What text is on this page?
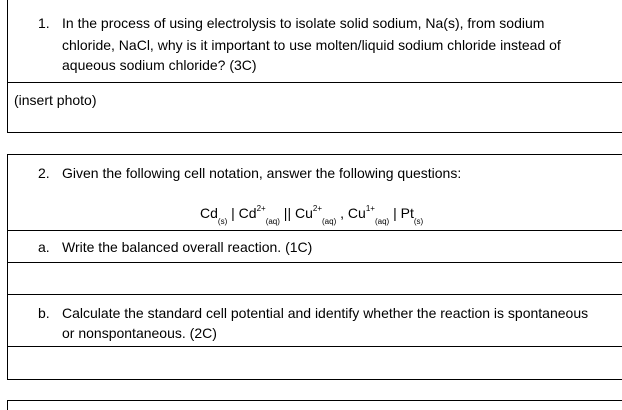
1. In the process of using electrolysis to isolate solid sodium, Na(s), from sodium
chloride, NaCl, why is it important to use molten/liquid sodium chloride instead of
aqueous sodium chloride? (3C)
(insert photo)
2. Given the following cell notation, answer the following questions:
$Cd_{(s)}$ | $Cd^{2+}_{(aq)}$ || $Cu^{2+}_{(aq)}$ , $Cu^{1+}_{(aq)}$ | $Pt_{(s)}$
a. Write the balanced overall reaction. (1C)
b. Calculate the standard cell potential and identify whether the reaction is spontaneous
or nonspontaneous. (2C)
